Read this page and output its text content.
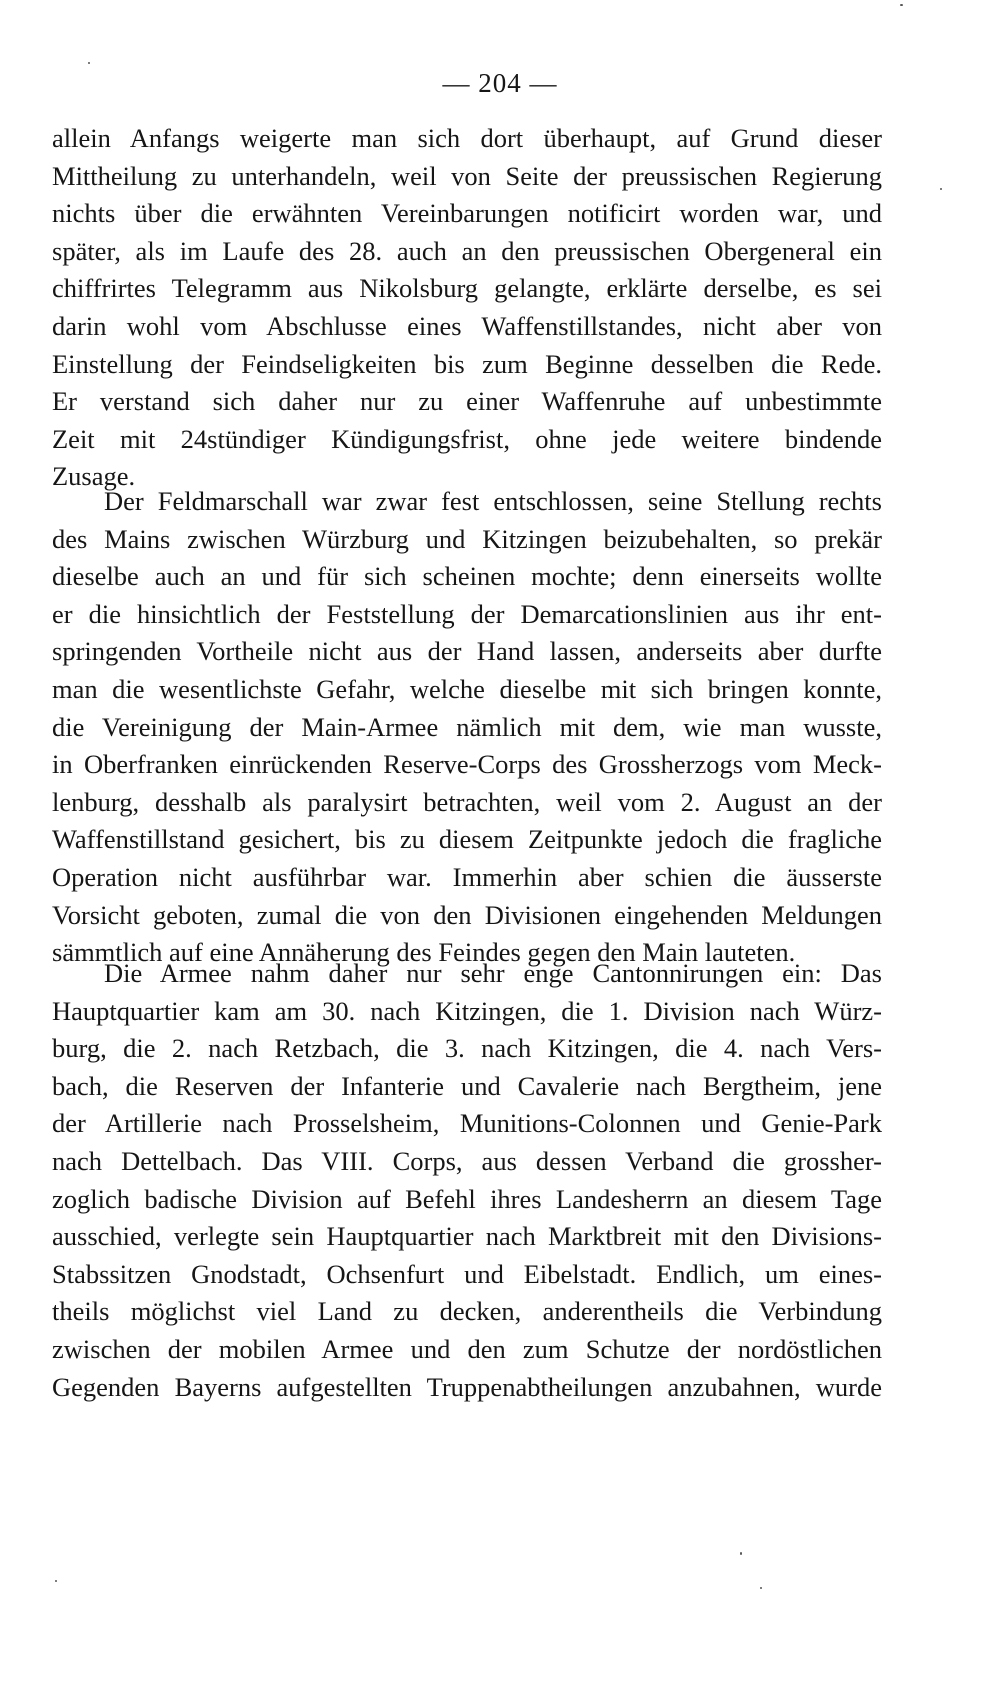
— 204 —
allein Anfangs weigerte man sich dort überhaupt, auf Grund dieser
Mittheilung zu unterhandeln, weil von Seite der preussischen Regierung
nichts über die erwähnten Vereinbarungen notificirt worden war, und
später, als im Laufe des 28. auch an den preussischen Obergeneral ein
chiffrirtes Telegramm aus Nikolsburg gelangte, erklärte derselbe, es sei
darin wohl vom Abschlusse eines Waffenstillstandes, nicht aber von
Einstellung der Feindseligkeiten bis zum Beginne desselben die Rede.
Er verstand sich daher nur zu einer Waffenruhe auf unbestimmte
Zeit mit 24stündiger Kündigungsfrist, ohne jede weitere bindende
Zusage.
Der Feldmarschall war zwar fest entschlossen, seine Stellung rechts
des Mains zwischen Würzburg und Kitzingen beizubehalten, so prekär
dieselbe auch an und für sich scheinen mochte; denn einerseits wollte
er die hinsichtlich der Feststellung der Demarcationslinien aus ihr ent-
springenden Vortheile nicht aus der Hand lassen, anderseits aber durfte
man die wesentlichste Gefahr, welche dieselbe mit sich bringen konnte,
die Vereinigung der Main-Armee nämlich mit dem, wie man wusste,
in Oberfranken einrückenden Reserve-Corps des Grossherzogs vom Meck-
lenburg, desshalb als paralysirt betrachten, weil vom 2. August an der
Waffenstillstand gesichert, bis zu diesem Zeitpunkte jedoch die fragliche
Operation nicht ausführbar war. Immerhin aber schien die äusserste
Vorsicht geboten, zumal die von den Divisionen eingehenden Meldungen
sämmtlich auf eine Annäherung des Feindes gegen den Main lauteten.
Die Armee nahm daher nur sehr enge Cantonnirungen ein: Das
Hauptquartier kam am 30. nach Kitzingen, die 1. Division nach Würz-
burg, die 2. nach Retzbach, die 3. nach Kitzingen, die 4. nach Vers-
bach, die Reserven der Infanterie und Cavalerie nach Bergtheim, jene
der Artillerie nach Prosselsheim, Munitions-Colonnen und Genie-Park
nach Dettelbach. Das VIII. Corps, aus dessen Verband die grossher-
zoglich badische Division auf Befehl ihres Landesherrn an diesem Tage
ausschied, verlegte sein Hauptquartier nach Marktbreit mit den Divisions-
Stabssitzen Gnodstadt, Ochsenfurt und Eibelstadt. Endlich, um eines-
theils möglichst viel Land zu decken, anderentheils die Verbindung
zwischen der mobilen Armee und den zum Schutze der nordöstlichen
Gegenden Bayerns aufgestellten Truppenabtheilungen anzubahnen, wurde
